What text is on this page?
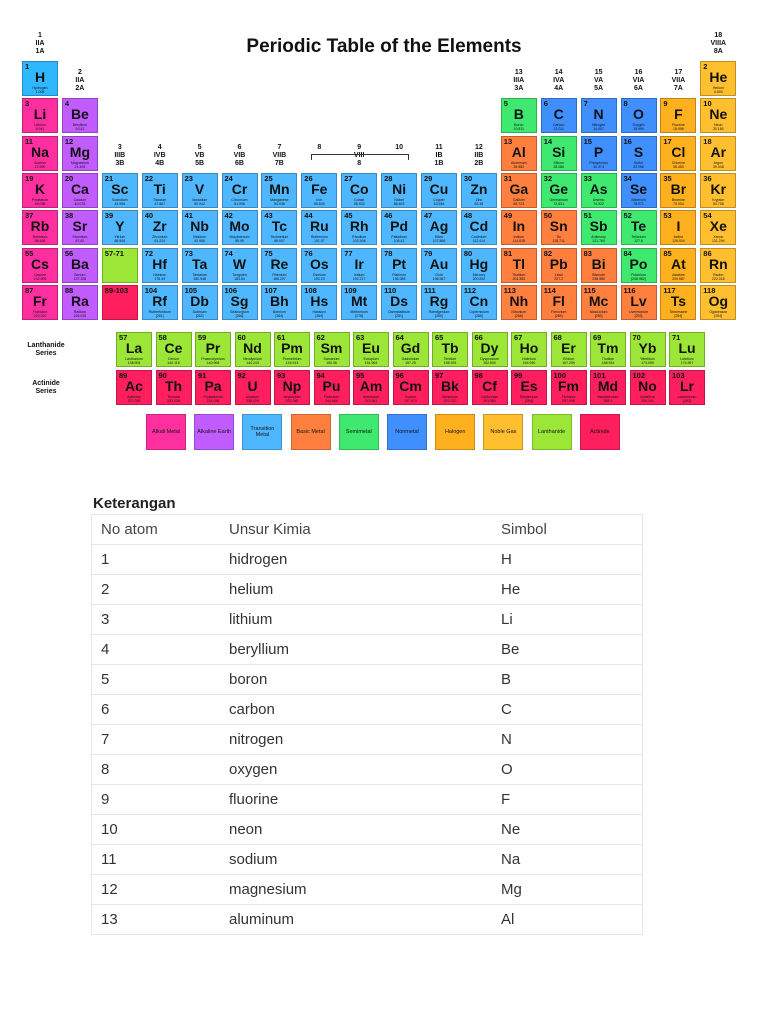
Periodic Table of the Elements
1
H
Hydrogen
1.008
2
He
Helium
4.003
3
Li
Lithium
6.941
4
Be
Beryllium
9.012
5
B
Boron
10.811
6
C
Carbon
12.011
7
N
Nitrogen
14.007
8
O
Oxygen
15.999
9
F
Fluorine
18.998
10
Ne
Neon
20.180
11
Na
Sodium
22.990
12
Mg
Magnesium
24.305
13
Al
Aluminum
26.982
14
Si
Silicon
28.086
15
P
Phosphorus
30.974
16
S
Sulfur
32.066
17
Cl
Chlorine
35.453
18
Ar
Argon
39.948
19
K
Potassium
39.098
20
Ca
Calcium
40.078
21
Sc
Scandium
44.956
22
Ti
Titanium
47.867
23
V
Vanadium
50.942
24
Cr
Chromium
51.996
25
Mn
Manganese
54.938
26
Fe
Iron
55.845
27
Co
Cobalt
58.933
28
Ni
Nickel
58.693
29
Cu
Copper
63.546
30
Zn
Zinc
65.38
31
Ga
Gallium
69.723
32
Ge
Germanium
72.631
33
As
Arsenic
74.922
34
Se
Selenium
78.971
35
Br
Bromine
79.904
36
Kr
Krypton
83.798
37
Rb
Rubidium
85.468
38
Sr
Strontium
87.62
39
Y
Yttrium
88.906
40
Zr
Zirconium
91.224
41
Nb
Niobium
92.906
42
Mo
Molybdenum
95.95
43
Tc
Technetium
98.907
44
Ru
Ruthenium
101.07
45
Rh
Rhodium
102.906
46
Pd
Palladium
106.42
47
Ag
Silver
107.868
48
Cd
Cadmium
112.414
49
In
Indium
114.818
50
Sn
Tin
118.711
51
Sb
Antimony
121.760
52
Te
Tellurium
127.6
53
I
Iodine
126.904
54
Xe
Xenon
131.294
55
Cs
Cesium
132.905
56
Ba
Barium
137.328
57-71	72
Hf
Hafnium
178.49
73
Ta
Tantalum
180.948
74
W
Tungsten
183.84
75
Re
Rhenium
186.207
76
Os
Osmium
190.23
77
Ir
Iridium
192.217
78
Pt
Platinum
195.085
79
Au
Gold
196.967
80
Hg
Mercury
200.592
81
Tl
Thallium
204.383
82
Pb
Lead
207.2
83
Bi
Bismuth
208.980
84
Po
Polonium
[208.982]
85
At
Astatine
209.987
86
Rn
Radon
222.018
87
Fr
Francium
223.020
88
Ra
Radium
226.025
89-103 104
Rf
Rutherfordium
[261]
105
Db
Dubnium
[262]
106
Sg
Seaborgium
[266]
107
Bh
Bohrium
[264]
108
Hs
Hassium
[269]
109
Mt
Meitnerium
[278]
110
Ds
Darmstadtium
[281]
111
Rg
Roentgenium
[280]
112
Cn
Copernicium
[285]
113
Nh
Nihonium
[286]
114
Fl
Flerovium
[289]
115
Mc
Moscovium
[289]
116
Lv
Livermorium
[293]
117
Ts
Tennessine
[294]
118
Og
Oganesson
[294]
1
IIA
1A
2
IIA
2A
3
IIIB
3B
4
IVB
4B
5
VB
5B
6
VIB
6B
7
VIIB
7B
8	9
VIII
8
10	11
IB
1B
12
IIB
2B
13
IIIA
3A
14
IVA
4A
15
VA
5A
16
VIA
6A
17
VIIA
7A
18
VIIIA
8A
Lanthanide
Series
57
La
Lanthanum
138.905
58
Ce
Cerium
140.116
59
Pr
Praseodymium
140.908
60
Nd
Neodymium
144.243
61
Pm
Promethium
144.913
62
Sm
Samarium
150.36
63
Eu
Europium
151.964
64
Gd
Gadolinium
157.25
65
Tb
Terbium
158.925
66
Dy
Dysprosium
162.500
67
Ho
Holmium
164.930
68
Er
Erbium
167.259
69
Tm
Thulium
168.934
70
Yb
Ytterbium
173.055
71
Lu
Lutetium
174.967
Actinide
Series
89
Ac
Actinium
227.028
90
Th
Thorium
232.038
91
Pa
Protactinium
231.036
92
U
Uranium
238.029
93
Np
Neptunium
237.048
94
Pu
Plutonium
244.064
95
Am
Americium
243.061
96
Cm
Curium
247.070
97
Bk
Berkelium
247.070
98
Cf
Californium
251.080
99
Es
Einsteinium
[254]
100
Fm
Fermium
257.095
101
Md
Mendelevium
258.1
102
No
Nobelium
259.101
103
Lr
Lawrencium
[262]
Alkali Metal	Alkaline Earth	Transition Metal	Basic Metal	Semimetal	Nonmetal	Halogen	Noble Gas	Lanthanide	Actinide
Keterangan
No atom	Unsur Kimia	Simbol
1	hidrogen	H
2	helium	He
3	lithium	Li
4	beryllium	Be
5	boron	B
6	carbon	C
7	nitrogen	N
8	oxygen	O
9	fluorine	F
10	neon	Ne
11	sodium	Na
12	magnesium	Mg
13	aluminum	Al
